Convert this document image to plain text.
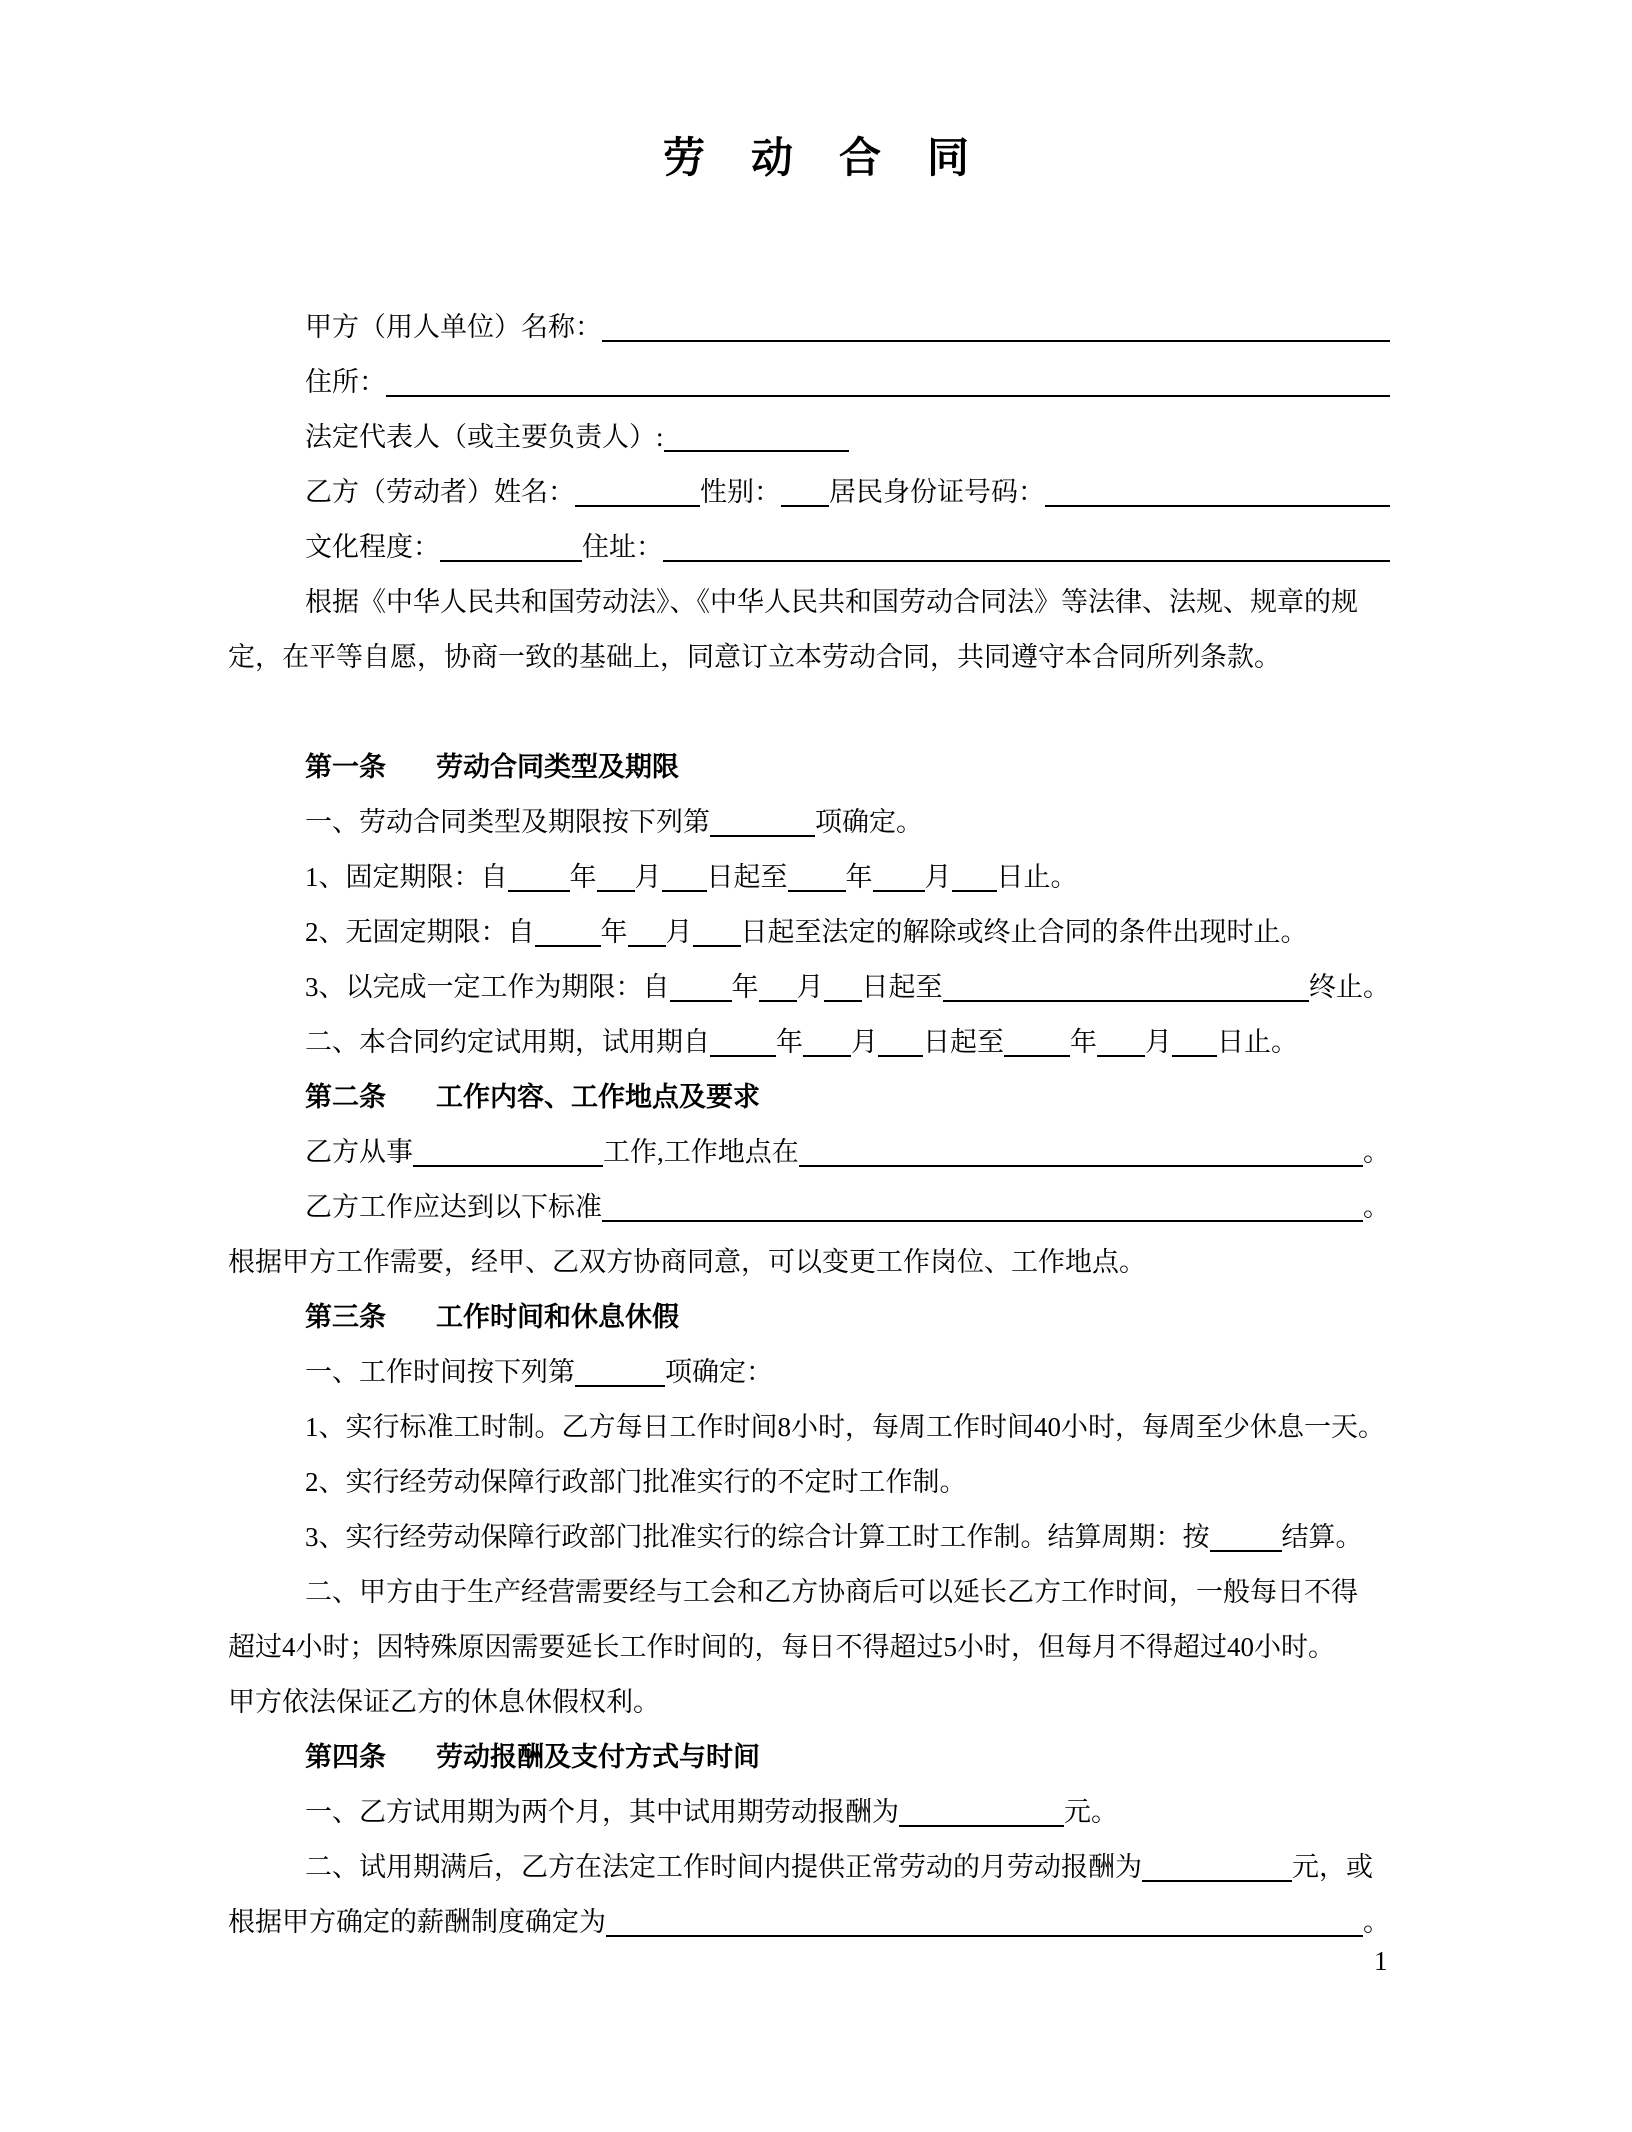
劳动合同
甲方（用人单位）名称：
住所：
法定代表人（或主要负责人）:
乙方（劳动者）姓名：	性别： 居民身份证号码：
文化程度：	住址：
根据《中华人民共和国劳动法》、《中华人民共和国劳动合同法》等法律、法规、规章的规
定，在平等自愿，协商一致的基础上，同意订立本劳动合同，共同遵守本合同所列条款。
第一条 劳动合同类型及期限
一、劳动合同类型及期限按下列第	项确定。
1、固定期限：自 年 月 日起至 年 月 日止。
2、无固定期限：自 年 月 日起至法定的解除或终止合同的条件出现时止。
3、以完成一定工作为期限：自 年 月 日起至	终止。
二、本合同约定试用期，试用期自 年 月 日起至 年 月 日止。
第二条 工作内容、工作地点及要求
乙方从事	工作,工作地点在	。
乙方工作应达到以下标准	。
根据甲方工作需要，经甲、乙双方协商同意，可以变更工作岗位、工作地点。
第三条 工作时间和休息休假
一、工作时间按下列第	项确定：
1、实行标准工时制。乙方每日工作时间8小时，每周工作时间40小时，每周至少休息一天。
2、实行经劳动保障行政部门批准实行的不定时工作制。
3、实行经劳动保障行政部门批准实行的综合计算工时工作制。结算周期：按	结算。
二、甲方由于生产经营需要经与工会和乙方协商后可以延长乙方工作时间，一般每日不得
超过4小时；因特殊原因需要延长工作时间的，每日不得超过5小时，但每月不得超过40小时。
甲方依法保证乙方的休息休假权利。
第四条 劳动报酬及支付方式与时间
一、乙方试用期为两个月，其中试用期劳动报酬为	元。
二、试用期满后，乙方在法定工作时间内提供正常劳动的月劳动报酬为	元，或
根据甲方确定的薪酬制度确定为	。
1
